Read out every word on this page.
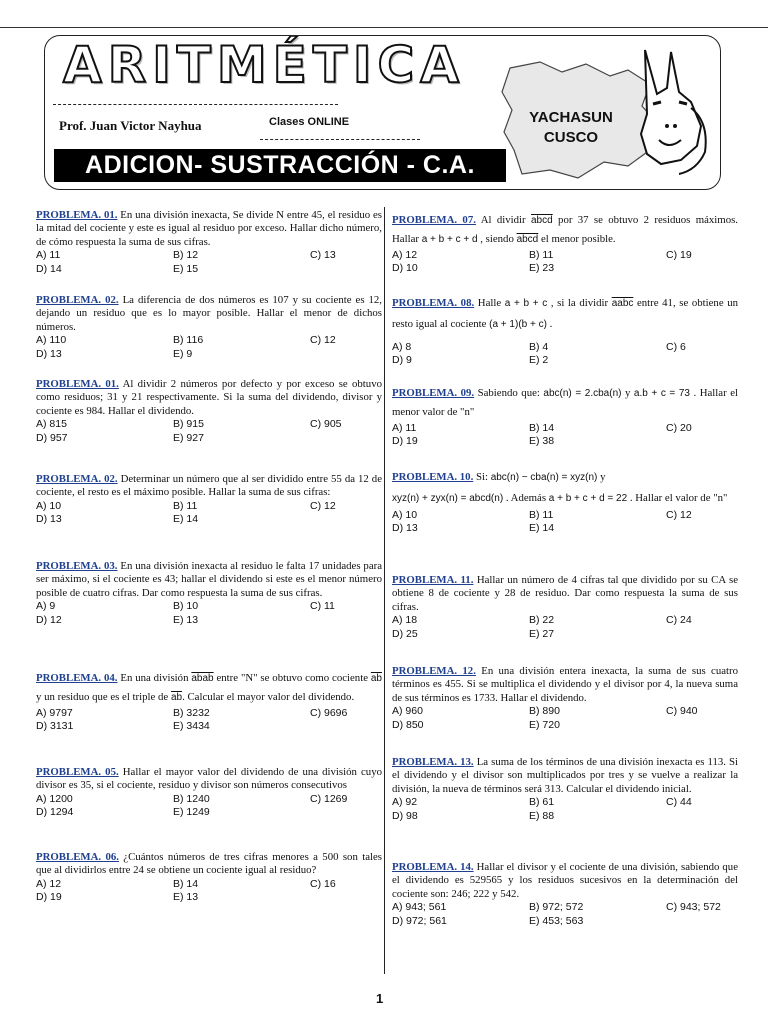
ARITMÉTICA
Prof. Juan Victor Nayhua	Clases ONLINE
ADICION- SUSTRACCIÓN - C.A.
YACHASUN
CUSCO

PROBLEMA. 01. En una división inexacta, Se divide N entre 45, el residuo es la mitad del cociente y este es igual al residuo por exceso. Hallar dicho número, de cómo respuesta la suma de sus cifras.

A) 11	B) 12	C) 13
D) 14	E) 15

PROBLEMA. 02. La diferencia de dos números es 107 y su cociente es 12, dejando un residuo que es lo mayor posible. Hallar el menor de dichos números.

A) 110	B) 116	C) 12
D) 13	E) 9

PROBLEMA. 01. Al dividir 2 números por defecto y por exceso se obtuvo como residuos; 31 y 21 respectivamente. Si la suma del dividendo, divisor y cociente es 984. Hallar el dividendo.

A) 815	B) 915	C) 905
D) 957	E) 927

PROBLEMA. 02. Determinar un número que al ser dividido entre 55 da 12 de cociente, el resto es el máximo posible. Hallar la suma de sus cifras:

A) 10	B) 11	C) 12
D) 13	E) 14

PROBLEMA. 03. En una división inexacta al residuo le falta 17 unidades para ser máximo, si el cociente es 43; hallar el dividendo si este es el menor número posible de cuatro cifras. Dar como respuesta la suma de sus cifras.

A) 9	B) 10	C) 11
D) 12	E) 13

PROBLEMA. 04. En una división abab entre "N" se obtuvo como cociente $\overline{ab}$ y un residuo que es el triple de $\overline{ab}$. Calcular el mayor valor del dividendo.

A) 9797	B) 3232	C) 9696
D) 3131	E) 3434

PROBLEMA. 05. Hallar el mayor valor del dividendo de una división cuyo divisor es 35, si el cociente, residuo y divisor son números consecutivos

A) 1200	B) 1240	C) 1269
D) 1294	E) 1249

PROBLEMA. 06. ¿Cuántos números de tres cifras menores a 500 son tales que al dividirlos entre 24 se obtiene un cociente igual al residuo?

A) 12	B) 14	C) 16
D) 19	E) 13

PROBLEMA. 07. Al dividir abcd por 37 se obtuvo 2 residuos máximos. Hallar a + b + c + d , siendo abcd el menor posible.

A) 12	B) 11	C) 19
D) 10	E) 23

PROBLEMA. 08. Halle a + b + c , si la dividir aabc entre 41, se obtiene un resto igual al cociente (a + 1)(b + c) .

A) 8	B) 4	C) 6
D) 9	E) 2

PROBLEMA. 09. Sabiendo que: abc(n) = 2.cba(n) y a.b + c = 73 . Hallar el menor valor de "n"

A) 11	B) 14	C) 20
D) 19	E) 38

PROBLEMA. 10. Si: abc(n) − cba(n) = xyz(n) y
xyz(n) + zyx(n) = abcd(n) . Además a + b + c + d = 22 . Hallar el valor de "n"

A) 10	B) 11	C) 12
D) 13	E) 14

PROBLEMA. 11. Hallar un número de 4 cifras tal que dividido por su CA se obtiene 8 de cociente y 28 de residuo. Dar como respuesta la suma de sus cifras.

A) 18	B) 22	C) 24
D) 25	E) 27

PROBLEMA. 12. En una división entera inexacta, la suma de sus cuatro términos es 455. Si se multiplica el dividendo y el divisor por 4, la nueva suma de sus términos es 1733. Hallar el dividendo.

A) 960	B) 890	C) 940
D) 850	E) 720

PROBLEMA. 13. La suma de los términos de una división inexacta es 113. Si el dividendo y el divisor son multiplicados por tres y se vuelve a realizar la división, la nueva de términos será 313. Calcular el dividendo inicial.

A) 92	B) 61	C) 44
D) 98	E) 88

PROBLEMA. 14. Hallar el divisor y el cociente de una división, sabiendo que el dividendo es 529565 y los residuos sucesivos en la determinación del cociente son: 246; 222 y 542.

A) 943; 561	B) 972; 572	C) 943; 572
D) 972; 561	E) 453; 563
1
